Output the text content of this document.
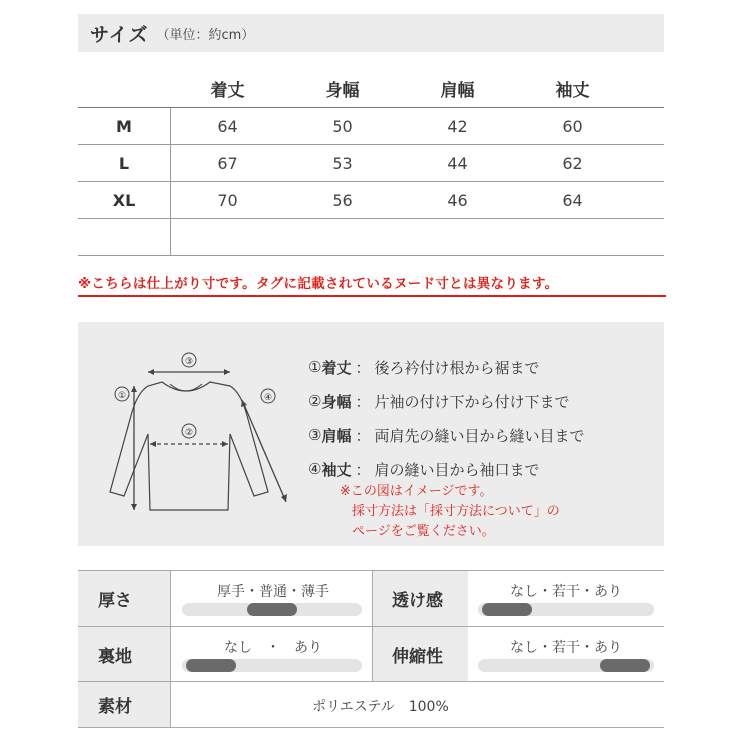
サイズ （単位：約cm）
着丈	身幅	肩幅	袖丈
M	64	50	42	60
L	67	53	44	62
XL	70	56	46	64
※こちらは仕上がり寸です。タグに記載されているヌード寸とは異なります。
③
②
①	④
① 着丈 ： 後ろ衿付け根から裾まで
② 身幅 ： 片袖の付け下から付け下まで
③ 肩幅 ： 両肩先の縫い目から縫い目まで
④ 袖丈 ： 肩の縫い目から袖口まで
※この図はイメージです。
採寸方法は「採寸方法について」の
ページをご覧ください。
厚さ	厚手・普通・薄手	透け感	なし・若干・あり
裏地	なし　・　あり	伸縮性	なし・若干・あり
素材	ポリエステル　100%
